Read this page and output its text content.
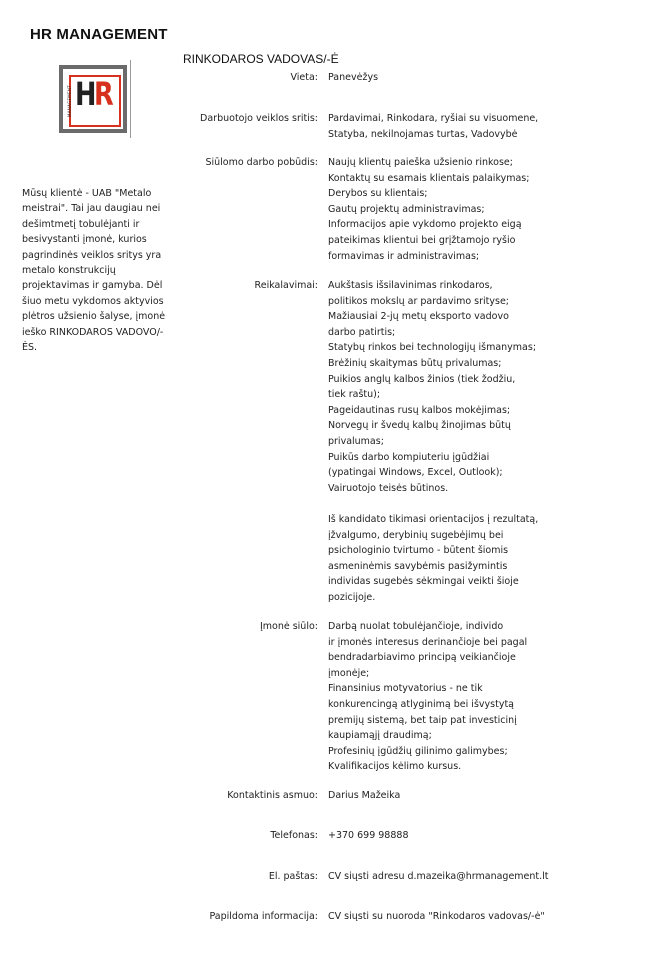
HR MANAGEMENT
MANAGEMENT HR
Mūsų klientė - UAB "Metalo meistrai". Tai jau daugiau nei dešimtmetį tobulėjanti ir besivystanti įmonė, kurios pagrindinės veiklos sritys yra metalo konstrukcijų projektavimas ir gamyba. Dėl šiuo metu vykdomos aktyvios plėtros užsienio šalyse, įmonė ieško RINKODAROS VADOVO/-ĖS.
RINKODAROS VADOVAS/-Ė
Vieta: Panevėžys
Darbuotojo veiklos sritis: Pardavimai, Rinkodara, ryšiai su visuomene,
Statyba, nekilnojamas turtas, Vadovybė
Siūlomo darbo pobūdis: Naujų klientų paieška užsienio rinkose;
Kontaktų su esamais klientais palaikymas;
Derybos su klientais;
Gautų projektų administravimas;
Informacijos apie vykdomo projekto eigą
pateikimas klientui bei grįžtamojo ryšio
formavimas ir administravimas;
Reikalavimai: Aukštasis išsilavinimas rinkodaros,
politikos mokslų ar pardavimo srityse;
Mažiausiai 2-jų metų eksporto vadovo
darbo patirtis;
Statybų rinkos bei technologijų išmanymas;
Brėžinių skaitymas būtų privalumas;
Puikios anglų kalbos žinios (tiek žodžiu,
tiek raštu);
Pageidautinas rusų kalbos mokėjimas;
Norvegų ir švedų kalbų žinojimas būtų
privalumas;
Puikūs darbo kompiuteriu įgūdžiai
(ypatingai Windows, Excel, Outlook);
Vairuotojo teisės būtinos.

Iš kandidato tikimasi orientacijos į rezultatą,
įžvalgumo, derybinių sugebėjimų bei
psichologinio tvirtumo - būtent šiomis
asmeninėmis savybėmis pasižymintis
individas sugebės sėkmingai veikti šioje
pozicijoje.
Įmonė siūlo: Darbą nuolat tobulėjančioje, individo
ir įmonės interesus derinančioje bei pagal
bendradarbiavimo principą veikiančioje
įmonėje;
Finansinius motyvatorius - ne tik
konkurencingą atlyginimą bei išvystytą
premijų sistemą, bet taip pat investicinį
kaupiamąjį draudimą;
Profesinių įgūdžių gilinimo galimybes;
Kvalifikacijos kėlimo kursus.
Kontaktinis asmuo: Darius Mažeika
Telefonas: +370 699 98888
El. paštas: CV siųsti adresu d.mazeika@hrmanagement.lt
Papildoma informacija: CV siųsti su nuoroda "Rinkodaros vadovas/-ė"
